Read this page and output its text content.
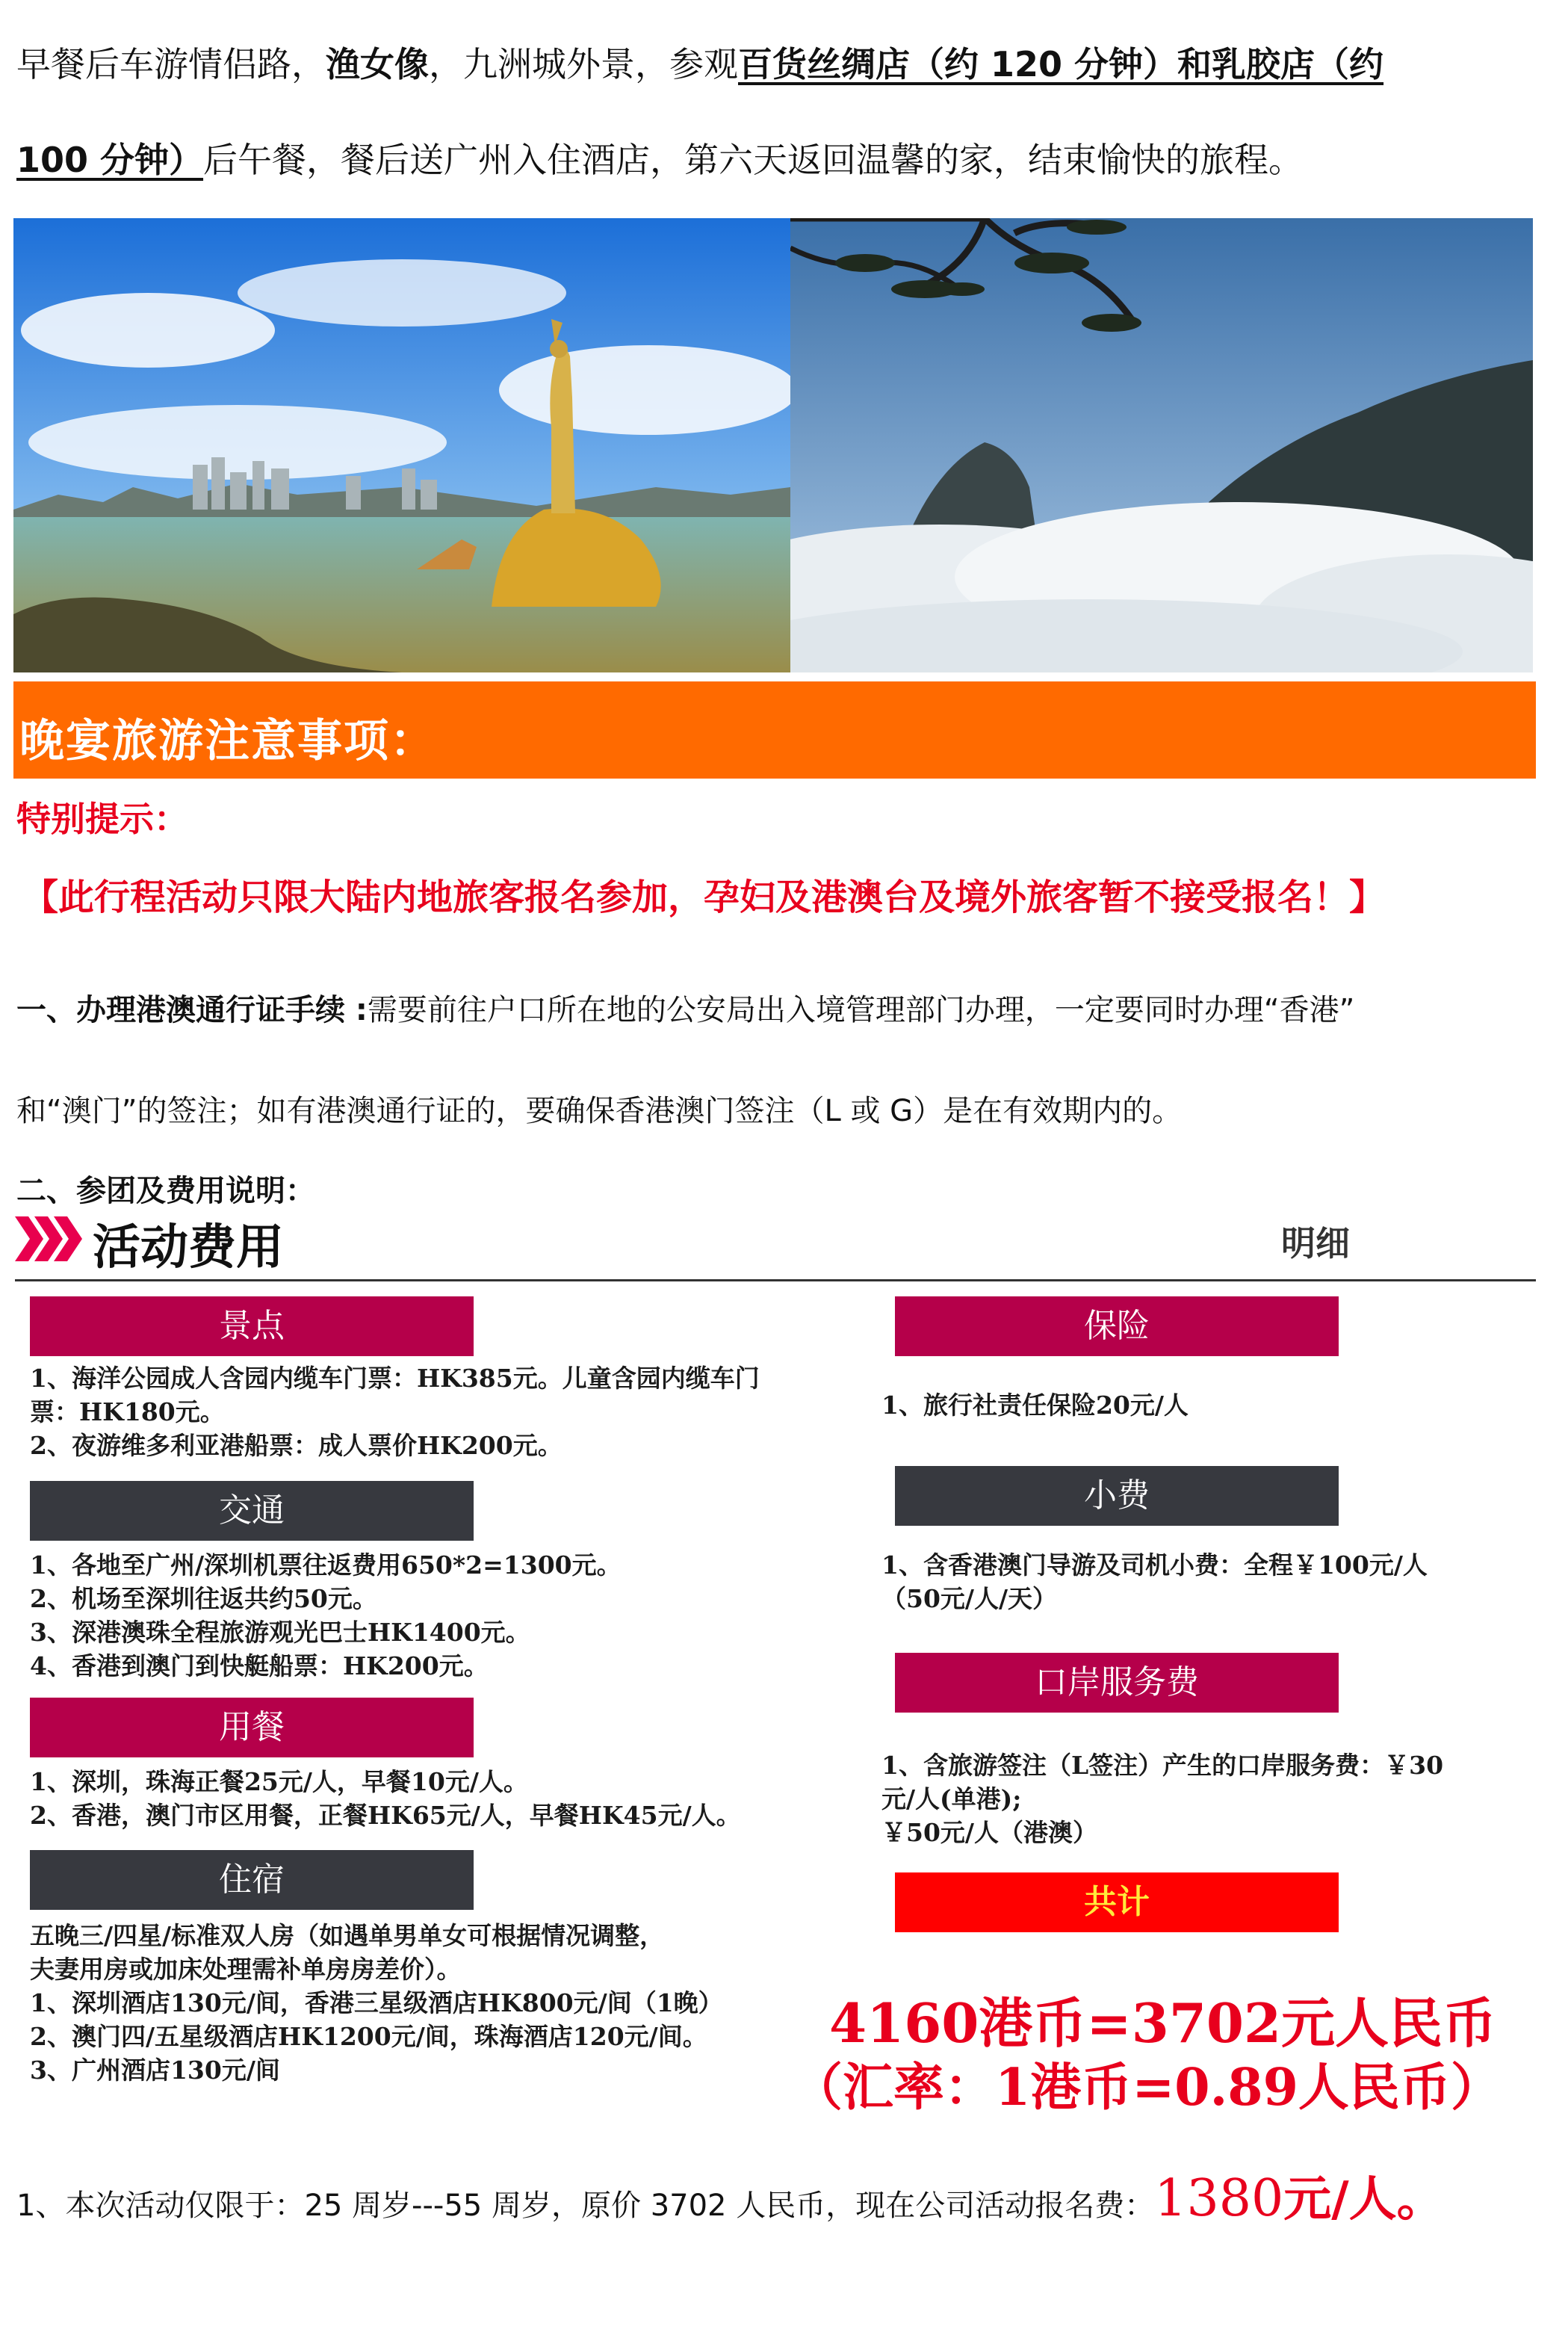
早餐后车游情侣路，渔女像，九洲城外景，参观百货丝绸店（约 120 分钟）和乳胶店（约
100 分钟）后午餐，餐后送广州入住酒店，第六天返回温馨的家，结束愉快的旅程。
晚宴旅游注意事项：
特别提示：
【此行程活动只限大陆内地旅客报名参加，孕妇及港澳台及境外旅客暂不接受报名！】
一、办理港澳通行证手续 :需要前往户口所在地的公安局出入境管理部门办理，一定要同时办理“香港”
和“澳门”的签注；如有港澳通行证的，要确保香港澳门签注（L 或 G）是在有效期内的。
二、参团及费用说明：
活动费用	明细
景点
1、海洋公园成人含园内缆车门票：HK385元。儿童含园内缆车门
票：HK180元。
2、夜游维多利亚港船票：成人票价HK200元。
交通
1、各地至广州/深圳机票往返费用650*2=1300元。
2、机场至深圳往返共约50元。
3、深港澳珠全程旅游观光巴士HK1400元。
4、香港到澳门到快艇船票：HK200元。
用餐
1、深圳，珠海正餐25元/人，早餐10元/人。
2、香港，澳门市区用餐，正餐HK65元/人，早餐HK45元/人。
住宿
五晚三/四星/标准双人房（如遇单男单女可根据情况调整，
夫妻用房或加床处理需补单房房差价）。
1、深圳酒店130元/间，香港三星级酒店HK800元/间（1晚）
2、澳门四/五星级酒店HK1200元/间，珠海酒店120元/间。
3、广州酒店130元/间
保险
1、旅行社责任保险20元/人
小费
1、含香港澳门导游及司机小费：全程￥100元/人
（50元/人/天）
口岸服务费
1、含旅游签注（L签注）产生的口岸服务费：￥30
元/人(单港);
￥50元/人（港澳）
共计
4160港币=3702元人民币
（汇率：1港币=0.89人民币）
1、本次活动仅限于：25 周岁---55 周岁，原价 3702 人民币，现在公司活动报名费：1380元/人。
